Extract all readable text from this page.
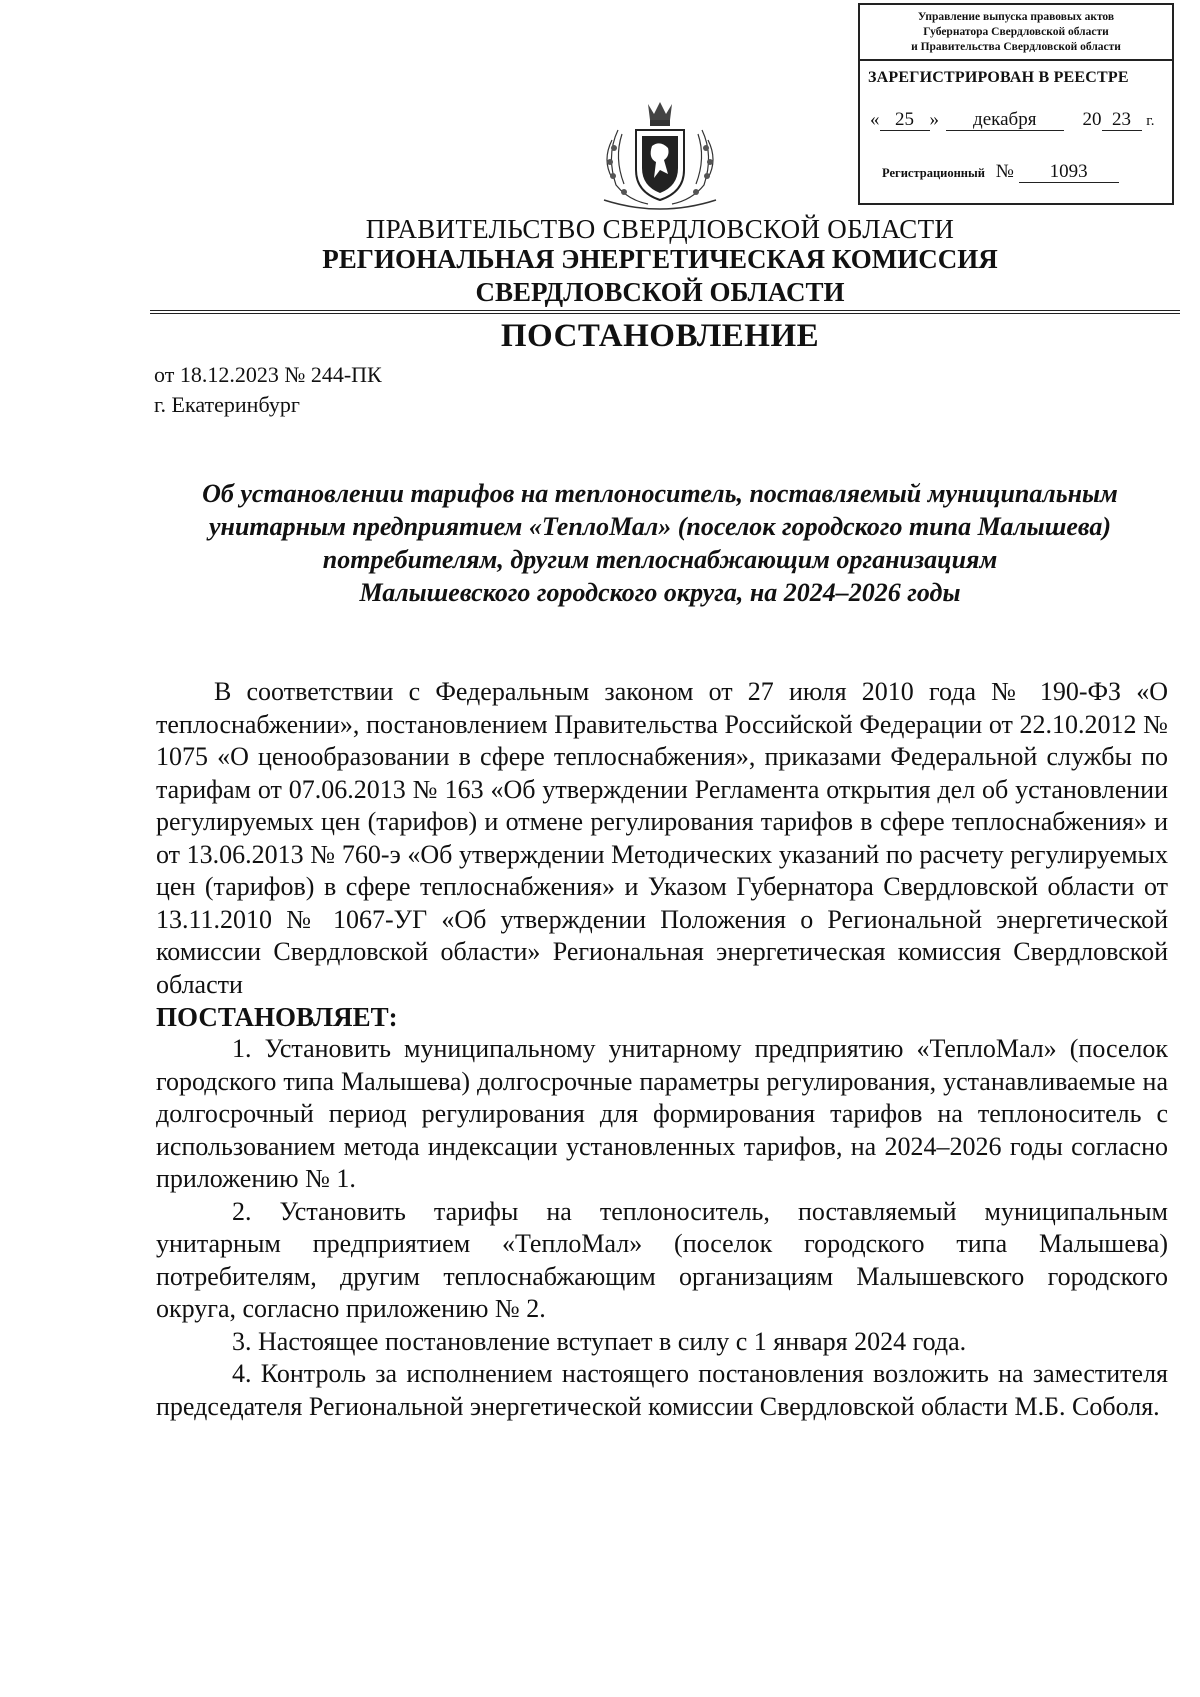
Управление выпуска правовых актов
Губернатора Свердловской области
и Правительства Свердловской области
ЗАРЕГИСТРИРОВАН В РЕЕСТРЕ
« 25 » декабря 20 23 г.
Регистрационный № 1093
ПРАВИТЕЛЬСТВО СВЕРДЛОВСКОЙ ОБЛАСТИ
РЕГИОНАЛЬНАЯ ЭНЕРГЕТИЧЕСКАЯ КОМИССИЯ
СВЕРДЛОВСКОЙ ОБЛАСТИ
ПОСТАНОВЛЕНИЕ
от 18.12.2023 № 244-ПК
г. Екатеринбург
Об установлении тарифов на теплоноситель, поставляемый муниципальным
унитарным предприятием «ТеплоМал» (поселок городского типа Малышева)
потребителям, другим теплоснабжающим организациям
Малышевского городского округа, на 2024–2026 годы

В соответствии с Федеральным законом от 27 июля 2010 года № 190-ФЗ «О теплоснабжении», постановлением Правительства Российской Федерации от 22.10.2012 № 1075 «О ценообразовании в сфере теплоснабжения», приказами Федеральной службы по тарифам от 07.06.2013 № 163 «Об утверждении Регламента открытия дел об установлении регулируемых цен (тарифов) и отмене регулирования тарифов в сфере теплоснабжения» и от 13.06.2013 № 760-э «Об утверждении Методических указаний по расчету регулируемых цен (тарифов) в сфере теплоснабжения» и Указом Губернатора Свердловской области от 13.11.2010 № 1067-УГ «Об утверждении Положения о Региональной энергетической комиссии Свердловской области» Региональная энергетическая комиссия Свердловской области

ПОСТАНОВЛЯЕТ:

1. Установить муниципальному унитарному предприятию «ТеплоМал» (поселок городского типа Малышева) долгосрочные параметры регулирования, устанавливаемые на долгосрочный период регулирования для формирования тарифов на теплоноситель с использованием метода индексации установленных тарифов, на 2024–2026 годы согласно приложению № 1.

2. Установить тарифы на теплоноситель, поставляемый муниципальным унитарным предприятием «ТеплоМал» (поселок городского типа Малышева) потребителям, другим теплоснабжающим организациям Малышевского городского округа, согласно приложению № 2.

3. Настоящее постановление вступает в силу с 1 января 2024 года.

4. Контроль за исполнением настоящего постановления возложить на заместителя председателя Региональной энергетической комиссии Свердловской области М.Б. Соболя.
